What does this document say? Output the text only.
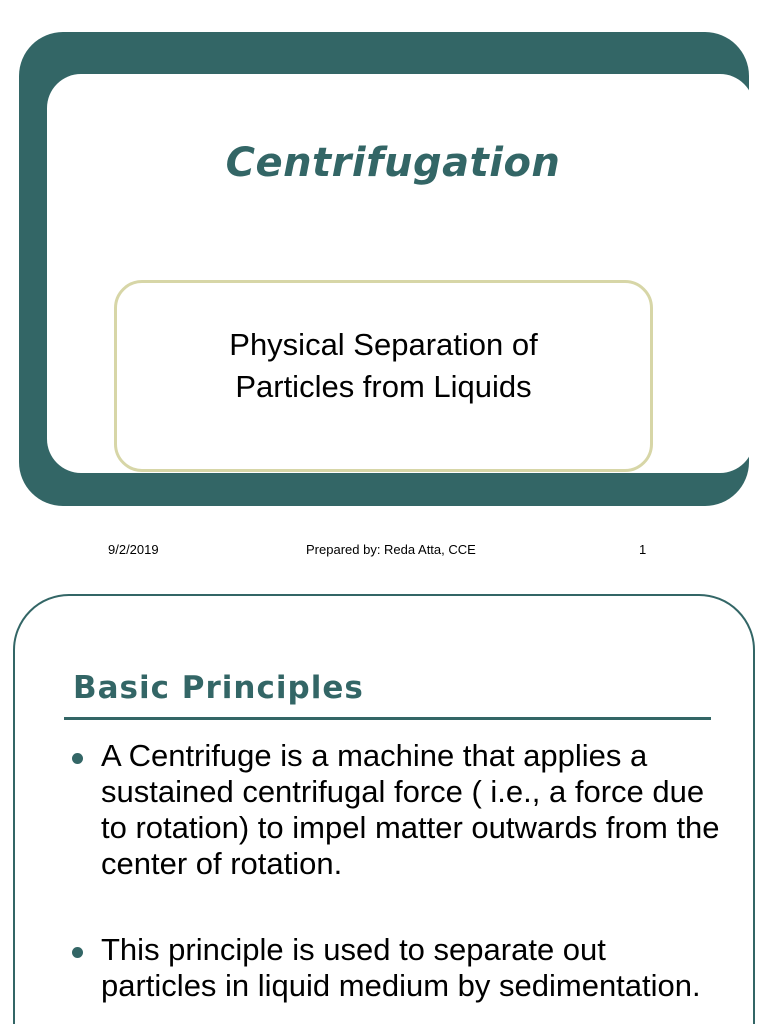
Centrifugation
Physical Separation of
Particles from Liquids
9/2/2019	Prepared by: Reda Atta, CCE	1
Basic Principles
A Centrifuge is a machine that applies a sustained centrifugal force ( i.e., a force due to rotation) to impel matter outwards from the center of rotation.
This principle is used to separate out particles in liquid medium by sedimentation.
